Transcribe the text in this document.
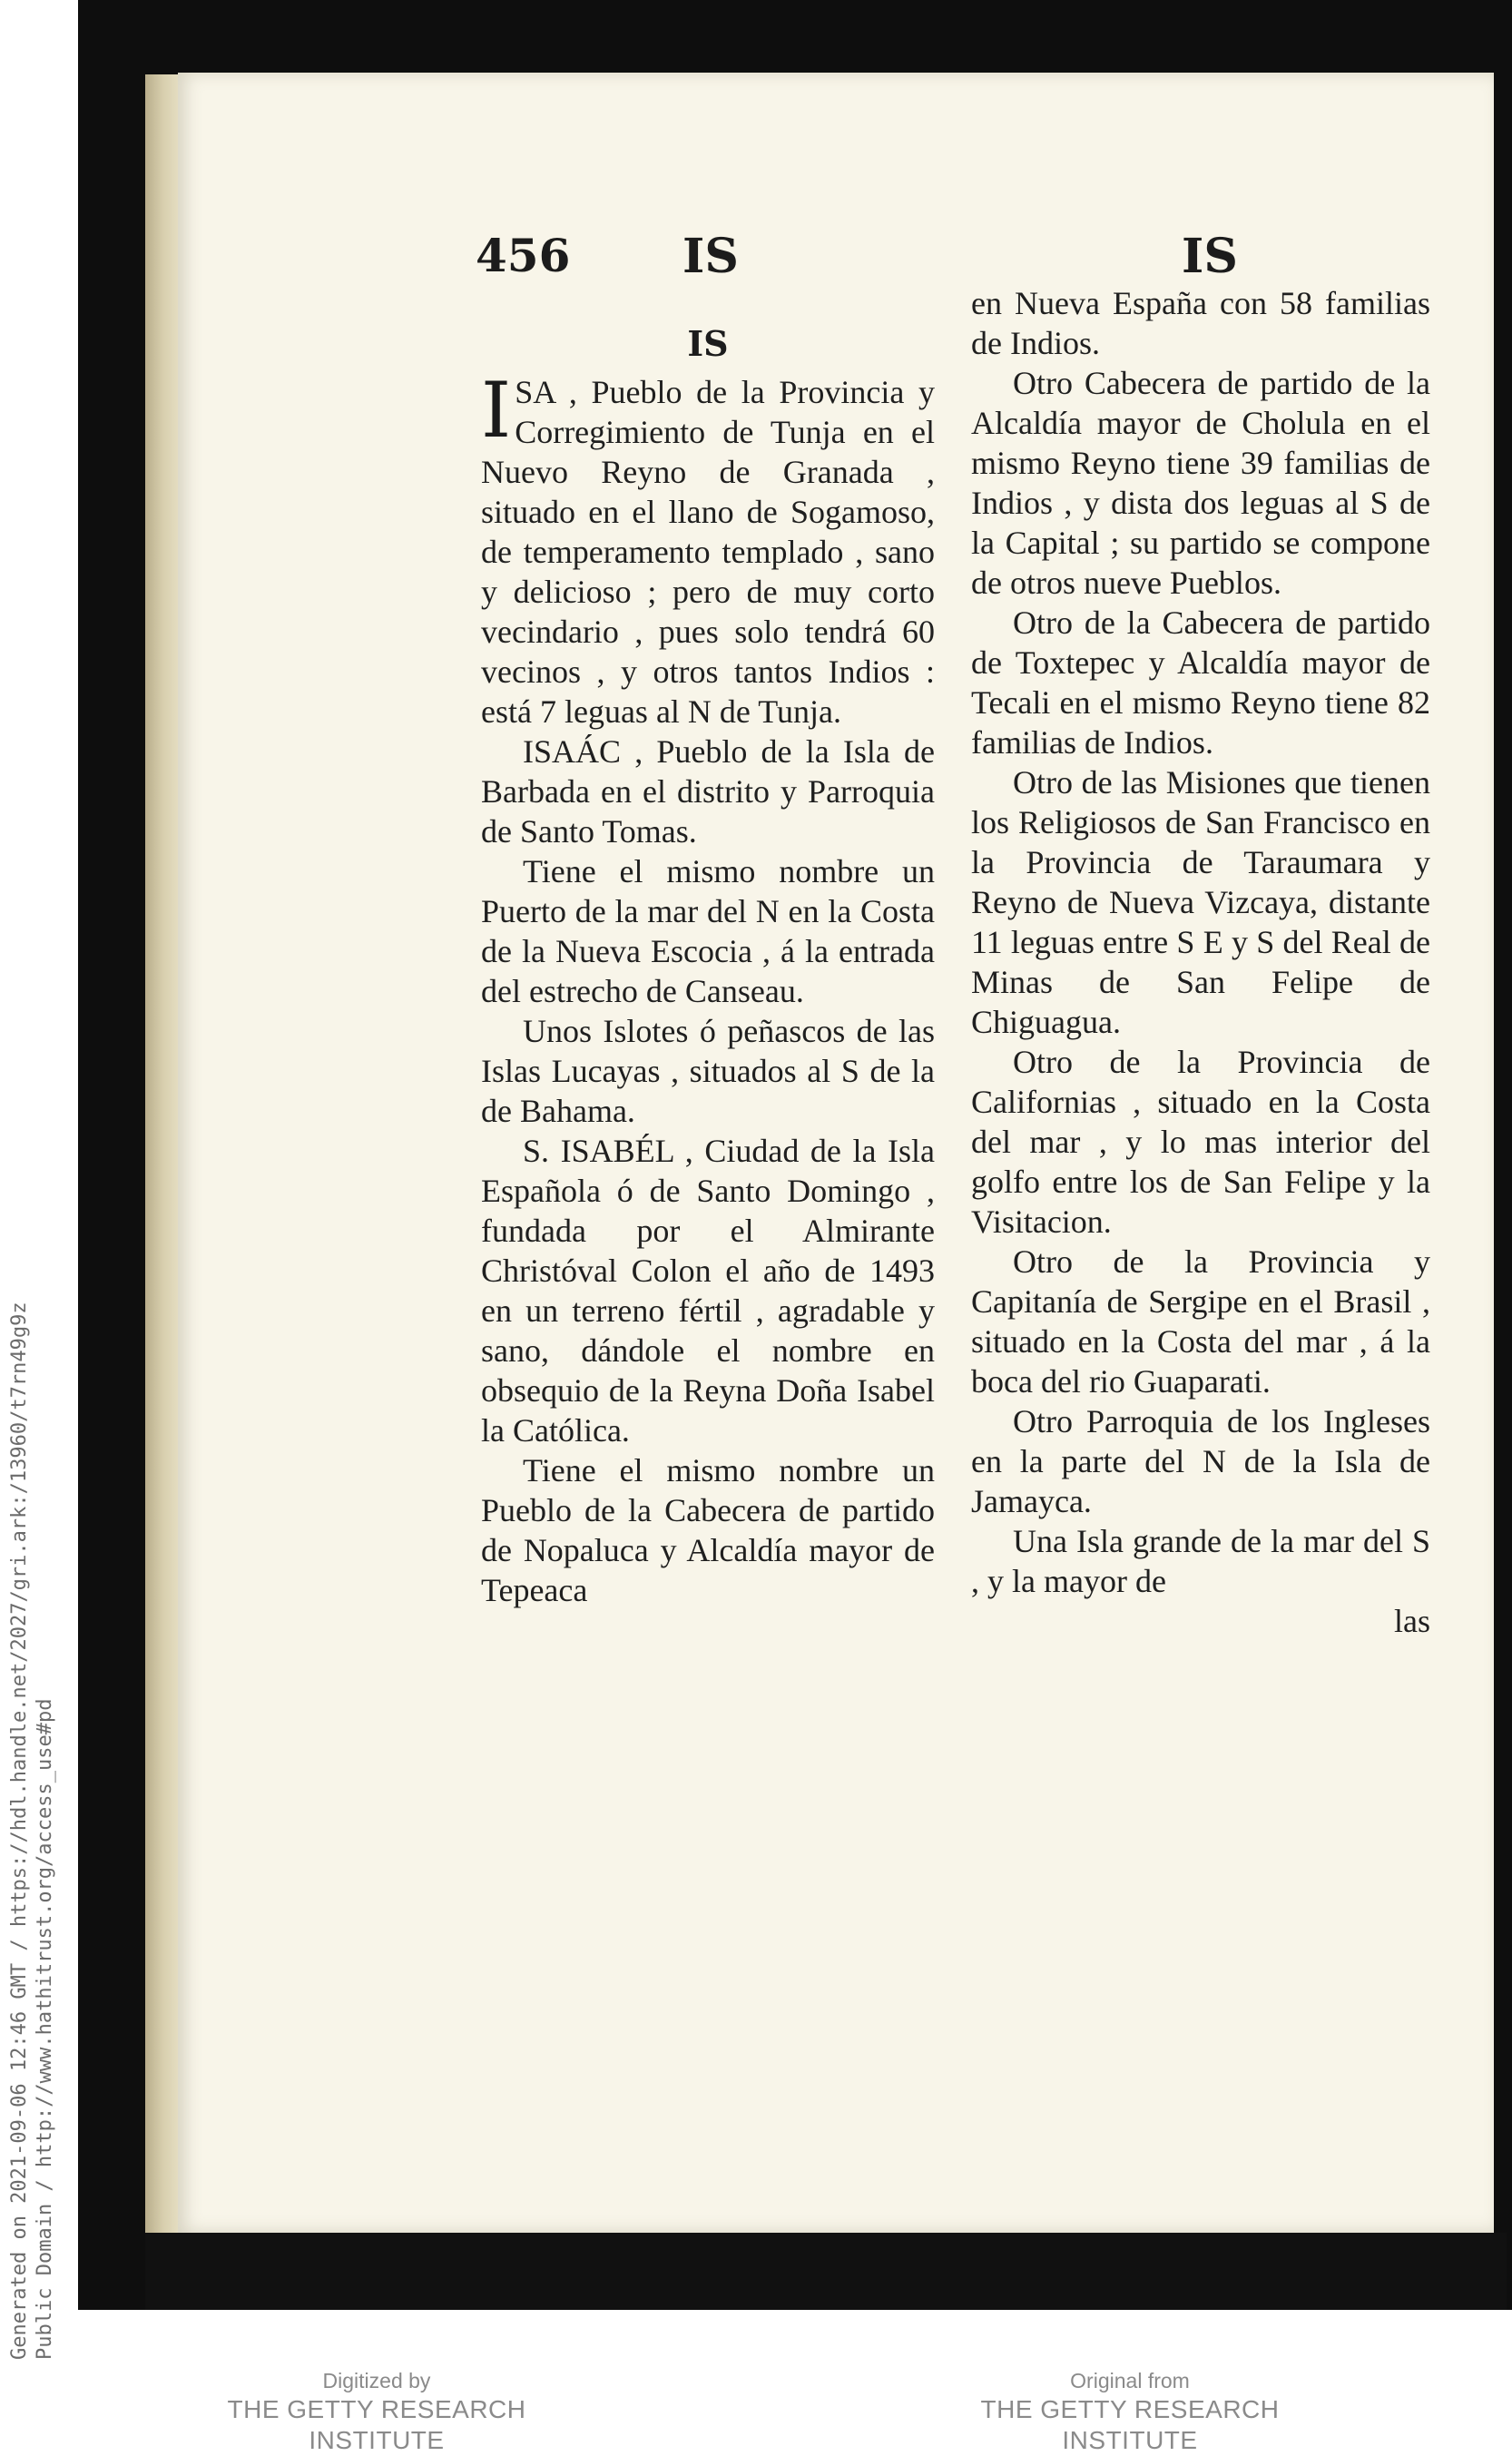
456 IS	IS
IS

ISA , Pueblo de la Provincia y Corregimiento de Tunja en el Nuevo Reyno de Granada , situado en el llano de Sogamoso, de temperamento templado , sano y delicioso ; pero de muy corto vecindario , pues solo tendrá 60 vecinos , y otros tantos Indios : está 7 leguas al N de Tunja.

ISAÁC , Pueblo de la Isla de Barbada en el distrito y Parroquia de Santo Tomas.

Tiene el mismo nombre un Puerto de la mar del N en la Costa de la Nueva Escocia , á la entrada del estrecho de Canseau.

Unos Islotes ó peñascos de las Islas Lucayas , situados al S de la de Bahama.

S. ISABÉL , Ciudad de la Isla Española ó de Santo Domingo , fundada por el Almirante Christóval Colon el año de 1493 en un terreno fértil , agradable y sano, dándole el nombre en obsequio de la Reyna Doña Isabel la Católica.

Tiene el mismo nombre un Pueblo de la Cabecera de partido de Nopaluca y Alcaldía mayor de Tepeaca

en Nueva España con 58 familias de Indios.

Otro Cabecera de partido de la Alcaldía mayor de Cholula en el mismo Reyno tiene 39 familias de Indios , y dista dos leguas al S de la Capital ; su partido se compone de otros nueve Pueblos.

Otro de la Cabecera de partido de Toxtepec y Alcaldía mayor de Tecali en el mismo Reyno tiene 82 familias de Indios.

Otro de las Misiones que tienen los Religiosos de San Francisco en la Provincia de Taraumara y Reyno de Nueva Vizcaya, distante 11 leguas entre S E y S del Real de Minas de San Felipe de Chiguagua.

Otro de la Provincia de Californias , situado en la Costa del mar , y lo mas interior del golfo entre los de San Felipe y la Visitacion.

Otro de la Provincia y Capitanía de Sergipe en el Brasil , situado en la Costa del mar , á la boca del rio Guaparati.

Otro Parroquia de los Ingleses en la parte del N de la Isla de Jamayca.

Una Isla grande de la mar del S , y la mayor de

las

Generated on 2021-09-06 12:46 GMT / https://hdl.handle.net/2027/gri.ark:/13960/t7rn49g9z Public Domain / http://www.hathitrust.org/access_use#pd
Digitized by
THE GETTY RESEARCH INSTITUTE
Original from
THE GETTY RESEARCH INSTITUTE
